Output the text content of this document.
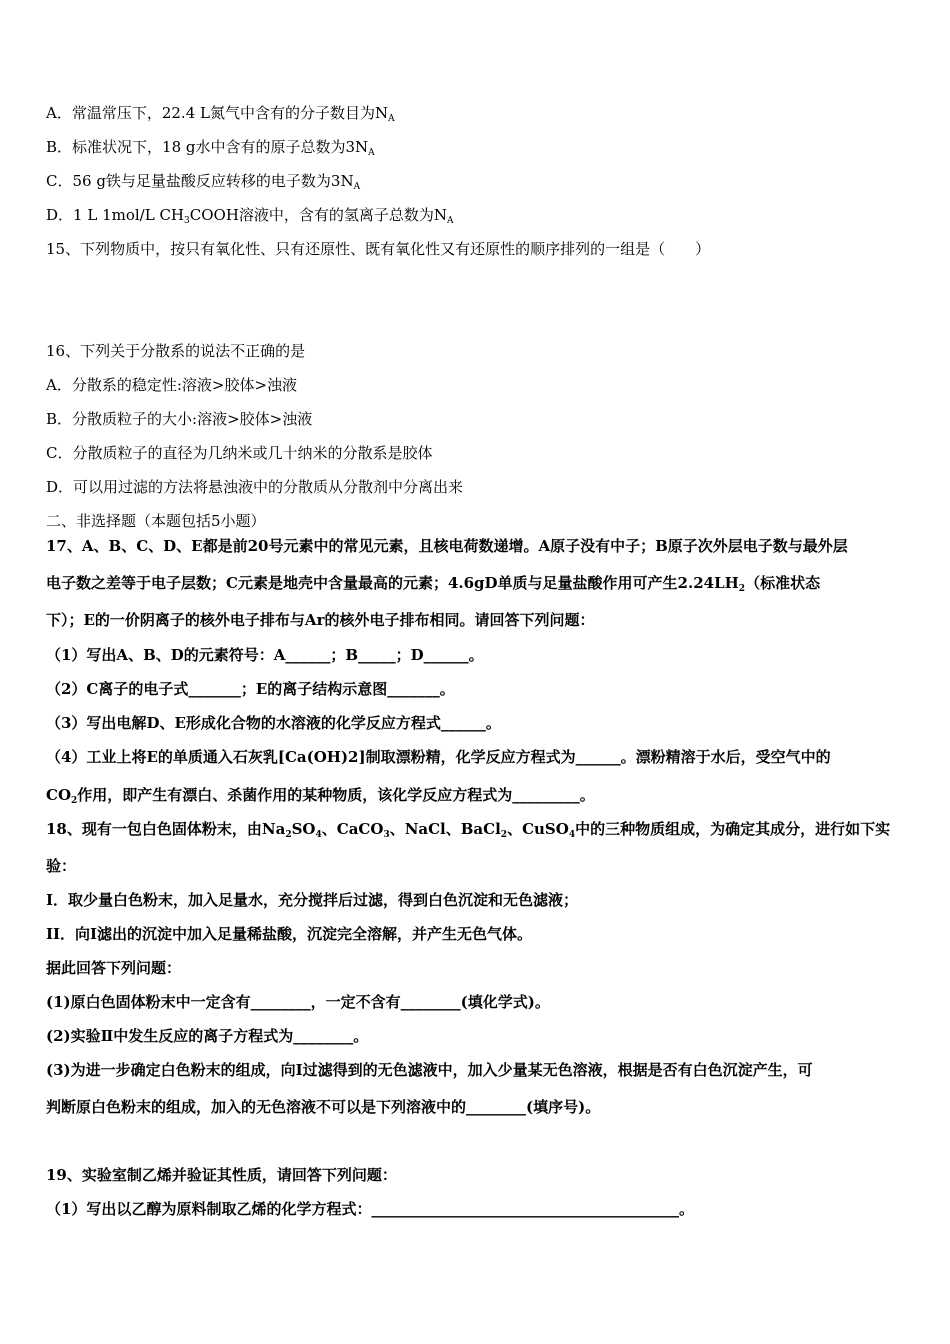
A．常温常压下，22.4 L氮气中含有的分子数目为$N_A$
B．标准状况下，18 g水中含有的原子总数为$3N_A$
C．56 g铁与足量盐酸反应转移的电子数为$3N_A$
D．1 L 1mol/L $CH_3COOH$溶液中，含有的氢离子总数为$N_A$
15、下列物质中，按只有氧化性、只有还原性、既有氧化性又有还原性的顺序排列的一组是（　　）
16、下列关于分散系的说法不正确的是
A．分散系的稳定性:溶液>胶体>浊液
B．分散质粒子的大小:溶液>胶体>浊液
C．分散质粒子的直径为几纳米或几十纳米的分散系是胶体
D．可以用过滤的方法将悬浊液中的分散质从分散剂中分离出来
二、非选择题（本题包括5小题）
17、A、B、C、D、E都是前20号元素中的常见元素，且核电荷数递增。A原子没有中子；B原子次外层电子数与最外层
电子数之差等于电子层数；C元素是地壳中含量最高的元素；4.6gD单质与足量盐酸作用可产生$2.24LH_2$（标准状态
下）；E的一价阴离子的核外电子排布与Ar的核外电子排布相同。请回答下列问题：
（1）写出A、B、D的元素符号：A______；B_____；D______。
（2）C离子的电子式_______；E的离子结构示意图_______。
（3）写出电解D、E形成化合物的水溶液的化学反应方程式______。
（4）工业上将E的单质通入石灰乳[Ca(OH)2]制取漂粉精，化学反应方程式为______。漂粉精溶于水后，受空气中的
$CO_2$作用，即产生有漂白、杀菌作用的某种物质，该化学反应方程式为_________。
18、现有一包白色固体粉末，由$Na_2SO_4$、CaCO$_3$、NaCl、BaCl$_2$、CuSO$_4$中的三种物质组成，为确定其成分，进行如下实
验：
I．取少量白色粉末，加入足量水，充分搅拌后过滤，得到白色沉淀和无色滤液；
II．向Ⅰ滤出的沉淀中加入足量稀盐酸，沉淀完全溶解，并产生无色气体。
据此回答下列问题：
(1)原白色固体粉末中一定含有________，一定不含有________(填化学式)。
(2)实验Ⅱ中发生反应的离子方程式为________。
(3)为进一步确定白色粉末的组成，向Ⅰ过滤得到的无色滤液中，加入少量某无色溶液，根据是否有白色沉淀产生，可
判断原白色粉末的组成，加入的无色溶液不可以是下列溶液中的________(填序号)。
19、实验室制乙烯并验证其性质，请回答下列问题：
（1）写出以乙醇为原料制取乙烯的化学方程式：_________________________________________。
